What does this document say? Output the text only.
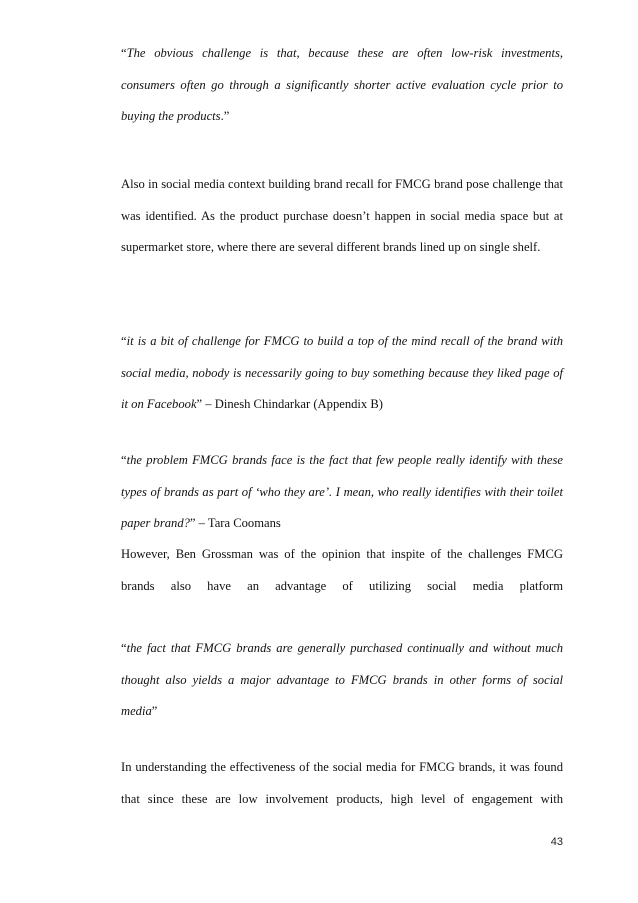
“The obvious challenge is that, because these are often low-risk investments, consumers often go through a significantly shorter active evaluation cycle prior to buying the products.”

Also in social media context building brand recall for FMCG brand pose challenge that was identified. As the product purchase doesn’t happen in social media space but at supermarket store, where there are several different brands lined up on single shelf.

“it is a bit of challenge for FMCG to build a top of the mind recall of the brand with social media, nobody is necessarily going to buy something because they liked page of it on Facebook” – Dinesh Chindarkar (Appendix B)

“the problem FMCG brands face is the fact that few people really identify with these types of brands as part of ‘who they are’. I mean, who really identifies with their toilet paper brand?” – Tara Coomans

However, Ben Grossman was of the opinion that inspite of the challenges FMCG brands also have an advantage of utilizing social media platform

“the fact that FMCG brands are generally purchased continually and without much thought also yields a major advantage to FMCG brands in other forms of social media”

In understanding the effectiveness of the social media for FMCG brands, it was found that since these are low involvement products, high level of engagement with

43
